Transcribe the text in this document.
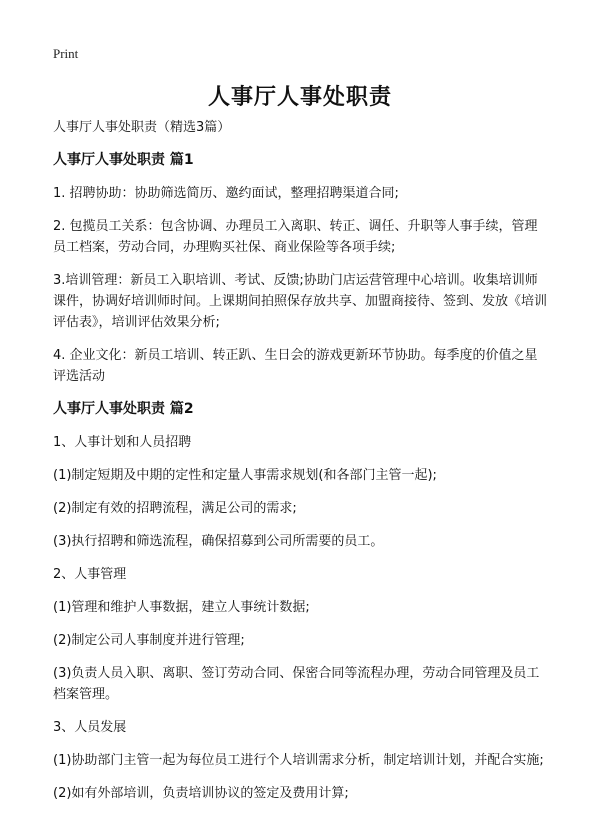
Print
人事厅人事处职责

人事厅人事处职责（精选3篇）

人事厅人事处职责 篇1

1. 招聘协助：协助筛选简历、邀约面试，整理招聘渠道合同;

2. 包揽员工关系：包含协调、办理员工入离职、转正、调任、升职等人事手续，管理员工档案，劳动合同，办理购买社保、商业保险等各项手续;

3.培训管理：新员工入职培训、考试、反馈;协助门店运营管理中心培训。收集培训师课件，协调好培训师时间。上课期间拍照保存放共享、加盟商接待、签到、发放《培训评估表》，培训评估效果分析;

4. 企业文化：新员工培训、转正趴、生日会的游戏更新环节协助。每季度的价值之星评选活动

人事厅人事处职责 篇2

1、人事计划和人员招聘

(1)制定短期及中期的定性和定量人事需求规划(和各部门主管一起);

(2)制定有效的招聘流程，满足公司的需求;

(3)执行招聘和筛选流程，确保招募到公司所需要的员工。

2、人事管理

(1)管理和维护人事数据，建立人事统计数据;

(2)制定公司人事制度并进行管理;

(3)负责人员入职、离职、签订劳动合同、保密合同等流程办理，劳动合同管理及员工档案管理。

3、人员发展

(1)协助部门主管一起为每位员工进行个人培训需求分析，制定培训计划，并配合实施;

(2)如有外部培训，负责培训协议的签定及费用计算;
